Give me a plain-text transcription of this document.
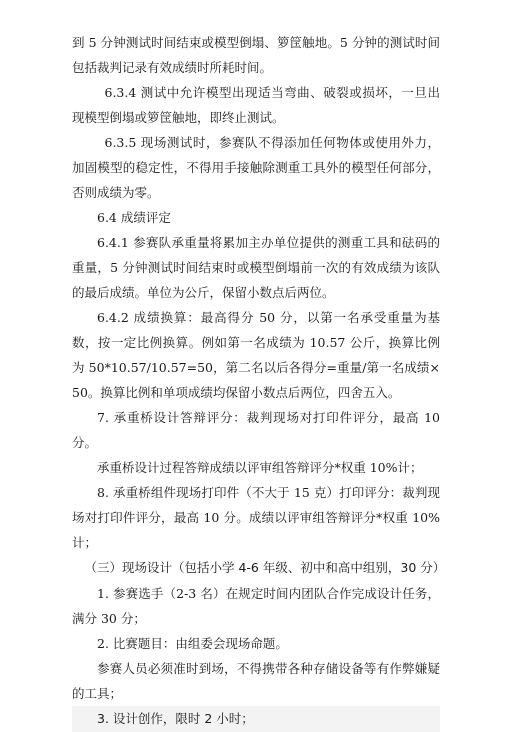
到 5 分钟测试时间结束或模型倒塌、箩筐触地。5 分钟的测试时间包括裁判记录有效成绩时所耗时间。

6.3.4 测试中允许模型出现适当弯曲、破裂或损坏，一旦出现模型倒塌或箩筐触地，即终止测试。

6.3.5 现场测试时，参赛队不得添加任何物体或使用外力，加固模型的稳定性，不得用手接触除测重工具外的模型任何部分，否则成绩为零。

6.4 成绩评定

6.4.1 参赛队承重量将累加主办单位提供的测重工具和砝码的重量，5 分钟测试时间结束时或模型倒塌前一次的有效成绩为该队的最后成绩。单位为公斤，保留小数点后两位。

6.4.2 成绩换算：最高得分 50 分，以第一名承受重量为基数，按一定比例换算。例如第一名成绩为 10.57 公斤，换算比例为 50*10.57/10.57=50，第二名以后各得分=重量/第一名成绩×50。换算比例和单项成绩均保留小数点后两位，四舍五入。

7. 承重桥设计答辩评分：裁判现场对打印件评分，最高 10 分。

承重桥设计过程答辩成绩以评审组答辩评分*权重 10%计；

8. 承重桥组件现场打印件（不大于 15 克）打印评分：裁判现场对打印件评分，最高 10 分。成绩以评审组答辩评分*权重 10%计；

（三）现场设计（包括小学 4-6 年级、初中和高中组别，30 分）

1. 参赛选手（2-3 名）在规定时间内团队合作完成设计任务，满分 30 分；

2. 比赛题目：由组委会现场命题。

参赛人员必须准时到场，不得携带各种存储设备等有作弊嫌疑的工具；

3. 设计创作，限时 2 小时；
